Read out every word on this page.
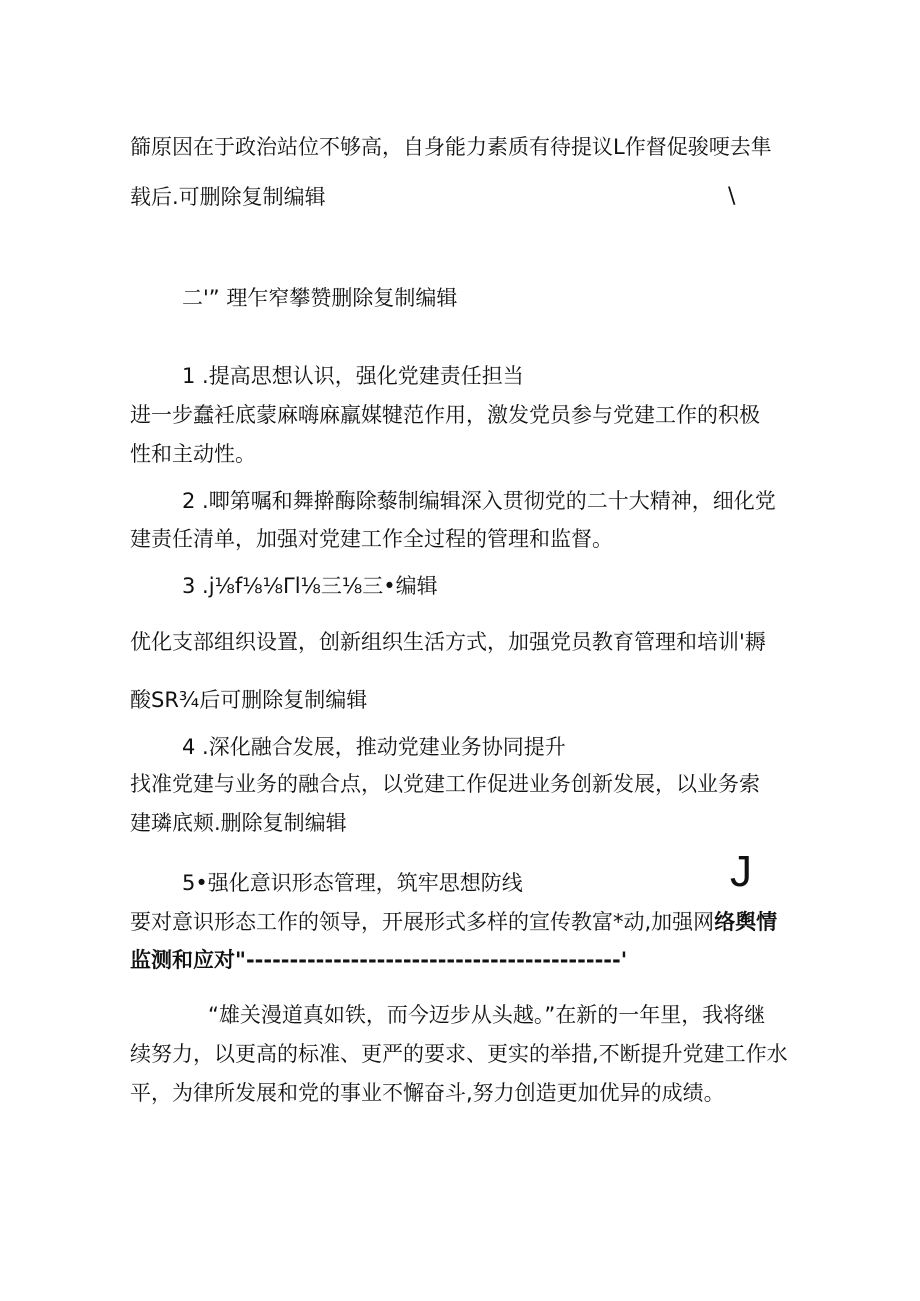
篩原因在于政治站位不够高，自身能力素质有待提议L作督促骏哽去隼
载后.可删除复制编辑	\
二'” 理乍窄攀赞删除复制编辑
1 .提高思想认识，强化党建责任担当
进一步蠢衽底蒙麻嗨麻羸媒犍范作用，激发党员参与党建工作的积极
性和主动性。
2 .唧第嘱和舞擀酶除藜制编辑深入贯彻党的二十大精神，细化党
建责任清单，加强对党建工作全过程的管理和监督。
3 .j⅛f⅛⅛Γl⅛三⅛三•编辑
优化支部组织设置，创新组织生活方式，加强党员教育管理和培训'耨
酸SR¾后可删除复制编辑
4 .深化融合发展，推动党建业务协同提升
找准党建与业务的融合点，以党建工作促进业务创新发展，以业务索
建璘底颊.删除复制编辑
5•强化意识形态管理，筑牢思想防线	J
要对意识形态工作的领导，开展形式多样的宣传教富*动,加强网络舆情
监测和应对"-------------------------------------------'
“雄关漫道真如铁，而今迈步从头越。”在新的一年里，我将继
续努力，以更高的标准、更严的要求、更实的举措,不断提升党建工作水
平，为律所发展和党的事业不懈奋斗,努力创造更加优异的成绩。
